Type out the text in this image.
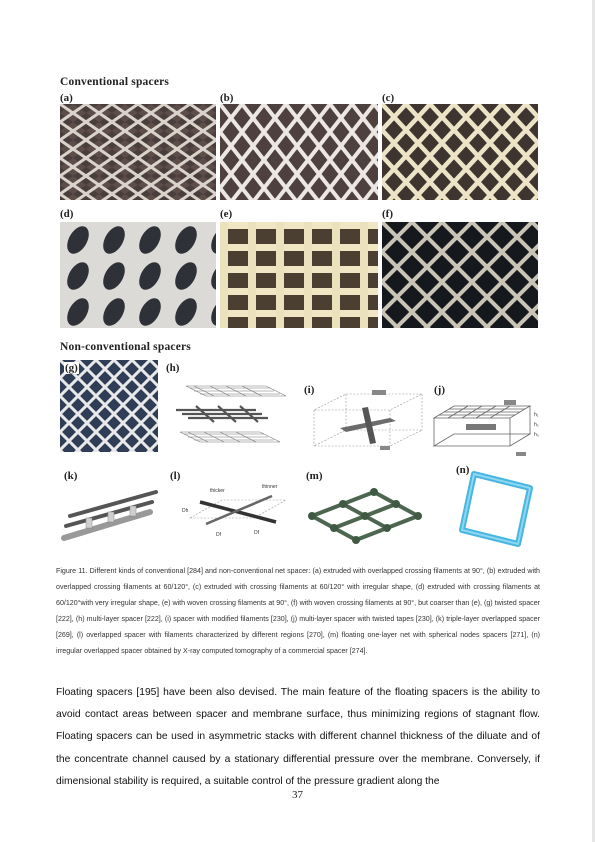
Conventional spacers
(a)	(b)	(c)
(d)	(e)	(f)
Non-conventional spacers
(g)	(h)
(i)	(j)
h₁
h₂
h₃
(k)	(l)
thicker
thinner
Dh
Df	Df
(m)	(n)
Figure 11. Different kinds of conventional [284] and non-conventional net spacer: (a) extruded with overlapped crossing filaments at 90°, (b) extruded with overlapped crossing filaments at 60/120°, (c) extruded with crossing filaments at 60/120° with irregular shape, (d) extruded with crossing filaments at 60/120°with very irregular shape, (e) with woven crossing filaments at 90°, (f) with woven crossing filaments at 90°, but coarser than (e), (g) twisted spacer [222], (h) multi-layer spacer [222], (i) spacer with modified filaments [230], (j) multi-layer spacer with twisted tapes [230], (k) triple-layer overlapped spacer [269], (l) overlapped spacer with filaments characterized by different regions [270], (m) floating one-layer net with spherical nodes spacers [271], (n) irregular overlapped spacer obtained by X-ray computed tomography of a commercial spacer [274].
Floating spacers [195] have been also devised. The main feature of the floating spacers is the ability to avoid contact areas between spacer and membrane surface, thus minimizing regions of stagnant flow. Floating spacers can be used in asymmetric stacks with different channel thickness of the diluate and of the concentrate channel caused by a stationary differential pressure over the membrane. Conversely, if dimensional stability is required, a suitable control of the pressure gradient along the
37
